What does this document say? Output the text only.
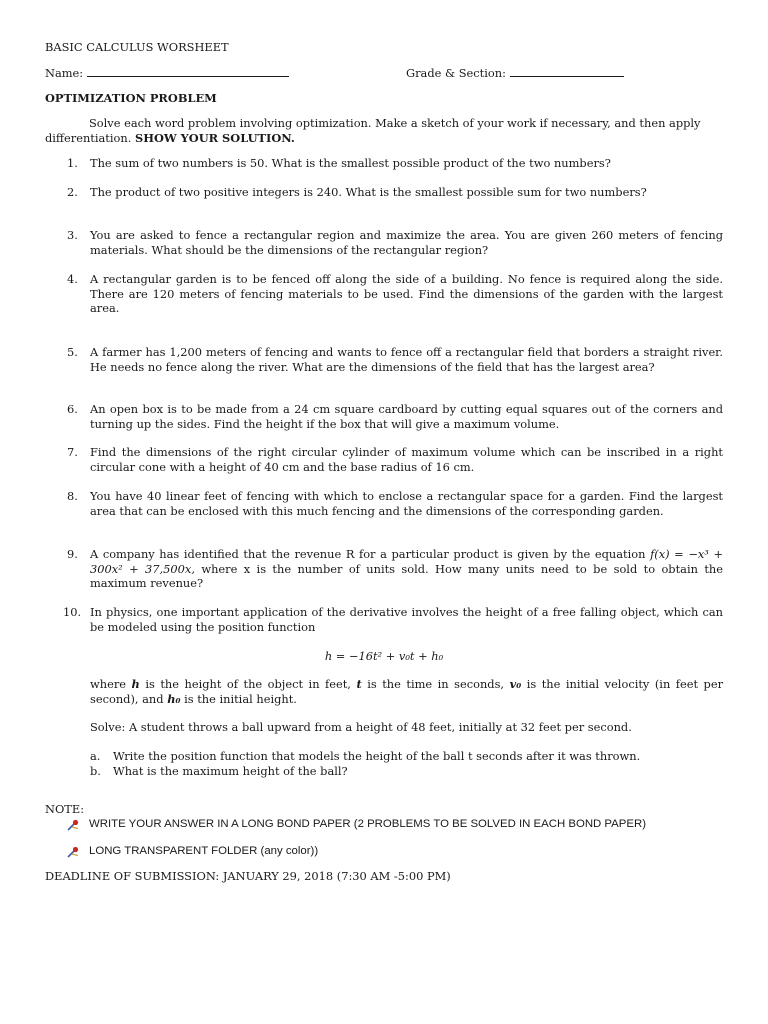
BASIC CALCULUS WORSHEET
Name:	Grade & Section:
OPTIMIZATION PROBLEM
Solve each word problem involving optimization. Make a sketch of your work if necessary, and then apply differentiation. SHOW YOUR SOLUTION.
1. The sum of two numbers is 50. What is the smallest possible product of the two numbers?
2. The product of two positive integers is 240. What is the smallest possible sum for two numbers?
3. You are asked to fence a rectangular region and maximize the area. You are given 260 meters of fencing materials. What should be the dimensions of the rectangular region?
4. A rectangular garden is to be fenced off along the side of a building. No fence is required along the side. There are 120 meters of fencing materials to be used. Find the dimensions of the garden with the largest area.
5. A farmer has 1,200 meters of fencing and wants to fence off a rectangular field that borders a straight river. He needs no fence along the river. What are the dimensions of the field that has the largest area?
6. An open box is to be made from a 24 cm square cardboard by cutting equal squares out of the corners and turning up the sides. Find the height if the box that will give a maximum volume.
7. Find the dimensions of the right circular cylinder of maximum volume which can be inscribed in a right circular cone with a height of 40 cm and the base radius of 16 cm.
8. You have 40 linear feet of fencing with which to enclose a rectangular space for a garden. Find the largest area that can be enclosed with this much fencing and the dimensions of the corresponding garden.
9. A company has identified that the revenue R for a particular product is given by the equation f(x) = −x³ + 300x² + 37,500x, where x is the number of units sold. How many units need to be sold to obtain the maximum revenue?
10. In physics, one important application of the derivative involves the height of a free falling object, which can be modeled using the position function
h = −16t² + v₀t + h₀
where h is the height of the object in feet, t is the time in seconds, v₀ is the initial velocity (in feet per second), and h₀ is the initial height.
Solve: A student throws a ball upward from a height of 48 feet, initially at 32 feet per second.
a. Write the position function that models the height of the ball t seconds after it was thrown.
b. What is the maximum height of the ball?
NOTE:
WRITE YOUR ANSWER IN A LONG BOND PAPER (2 PROBLEMS TO BE SOLVED IN EACH BOND PAPER)
LONG TRANSPARENT FOLDER (any color))
DEADLINE OF SUBMISSION: JANUARY 29, 2018 (7:30 AM -5:00 PM)
